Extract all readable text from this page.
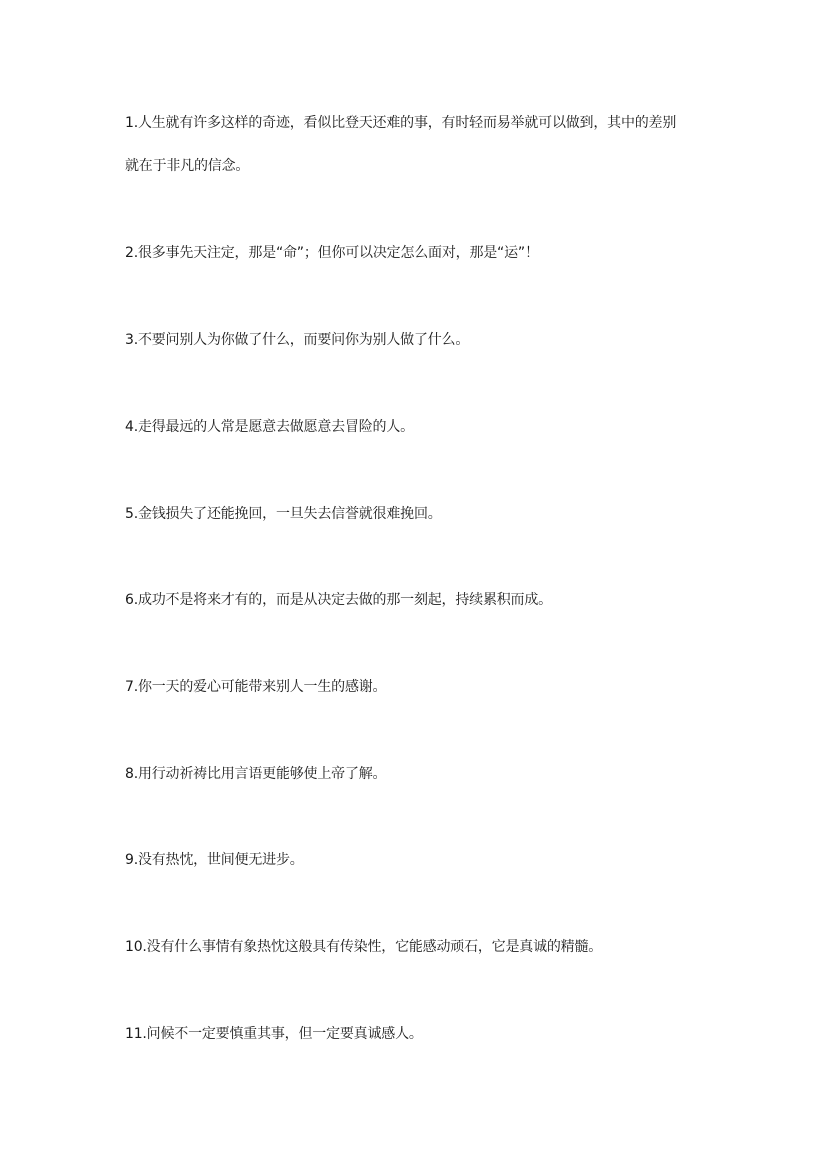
1.人生就有许多这样的奇迹，看似比登天还难的事，有时轻而易举就可以做到，其中的差别
就在于非凡的信念。
2.很多事先天注定，那是“命”；但你可以决定怎么面对，那是“运”！
3.不要问别人为你做了什么，而要问你为别人做了什么。
4.走得最远的人常是愿意去做愿意去冒险的人。
5.金钱损失了还能挽回，一旦失去信誉就很难挽回。
6.成功不是将来才有的，而是从决定去做的那一刻起，持续累积而成。
7.你一天的爱心可能带来别人一生的感谢。
8.用行动祈祷比用言语更能够使上帝了解。
9.没有热忱，世间便无进步。
10.没有什么事情有象热忱这般具有传染性，它能感动顽石，它是真诚的精髓。
11.问候不一定要慎重其事，但一定要真诚感人。
